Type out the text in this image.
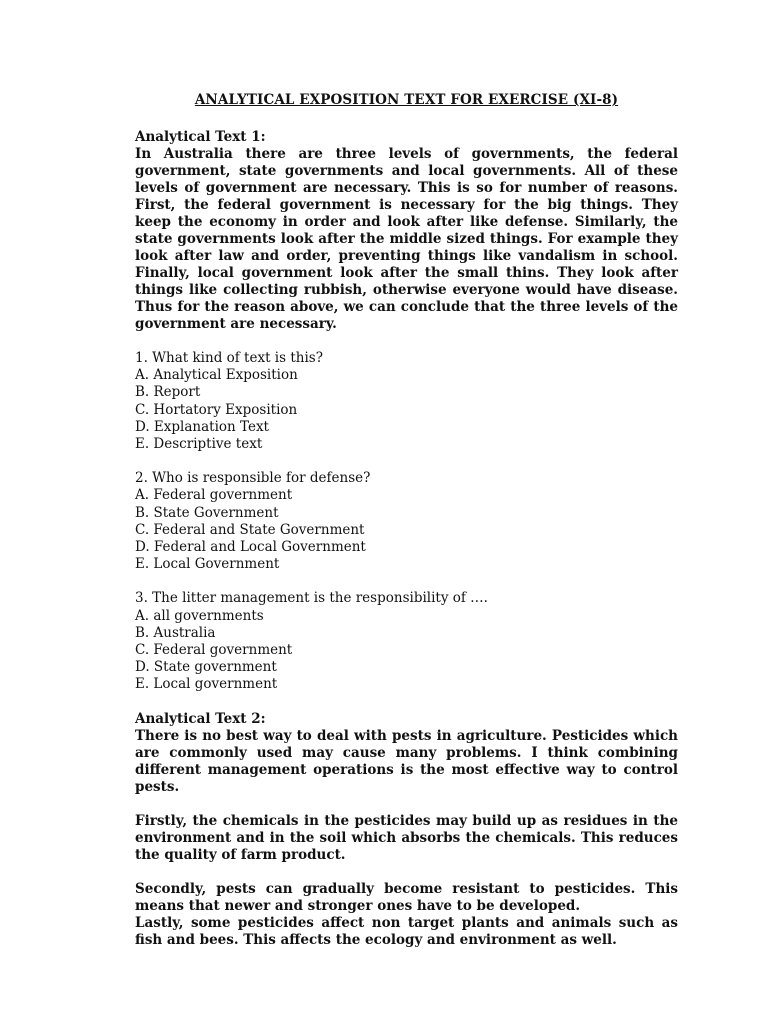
ANALYTICAL EXPOSITION TEXT FOR EXERCISE (XI-8)
Analytical Text 1:
In Australia there are three levels of governments, the federal government, state governments and local governments. All of these levels of government are necessary. This is so for number of reasons. First, the federal government is necessary for the big things. They keep the economy in order and look after like defense. Similarly, the state governments look after the middle sized things. For example they look after law and order, preventing things like vandalism in school. Finally, local government look after the small thins. They look after things like collecting rubbish, otherwise everyone would have disease. Thus for the reason above, we can conclude that the three levels of the government are necessary.
1. What kind of text is this?
A. Analytical Exposition
B. Report
C. Hortatory Exposition
D. Explanation Text
E. Descriptive text
2. Who is responsible for defense?
A. Federal government
B. State Government
C. Federal and State Government
D. Federal and Local Government
E. Local Government
3. The litter management is the responsibility of ….
A. all governments
B. Australia
C. Federal government
D. State government
E. Local government
Analytical Text 2:
There is no best way to deal with pests in agriculture. Pesticides which are commonly used may cause many problems. I think combining different management operations is the most effective way to control pests.
Firstly, the chemicals in the pesticides may build up as residues in the environment and in the soil which absorbs the chemicals. This reduces the quality of farm product.
Secondly, pests can gradually become resistant to pesticides. This means that newer and stronger ones have to be developed.
Lastly, some pesticides affect non target plants and animals such as fish and bees. This affects the ecology and environment as well.
